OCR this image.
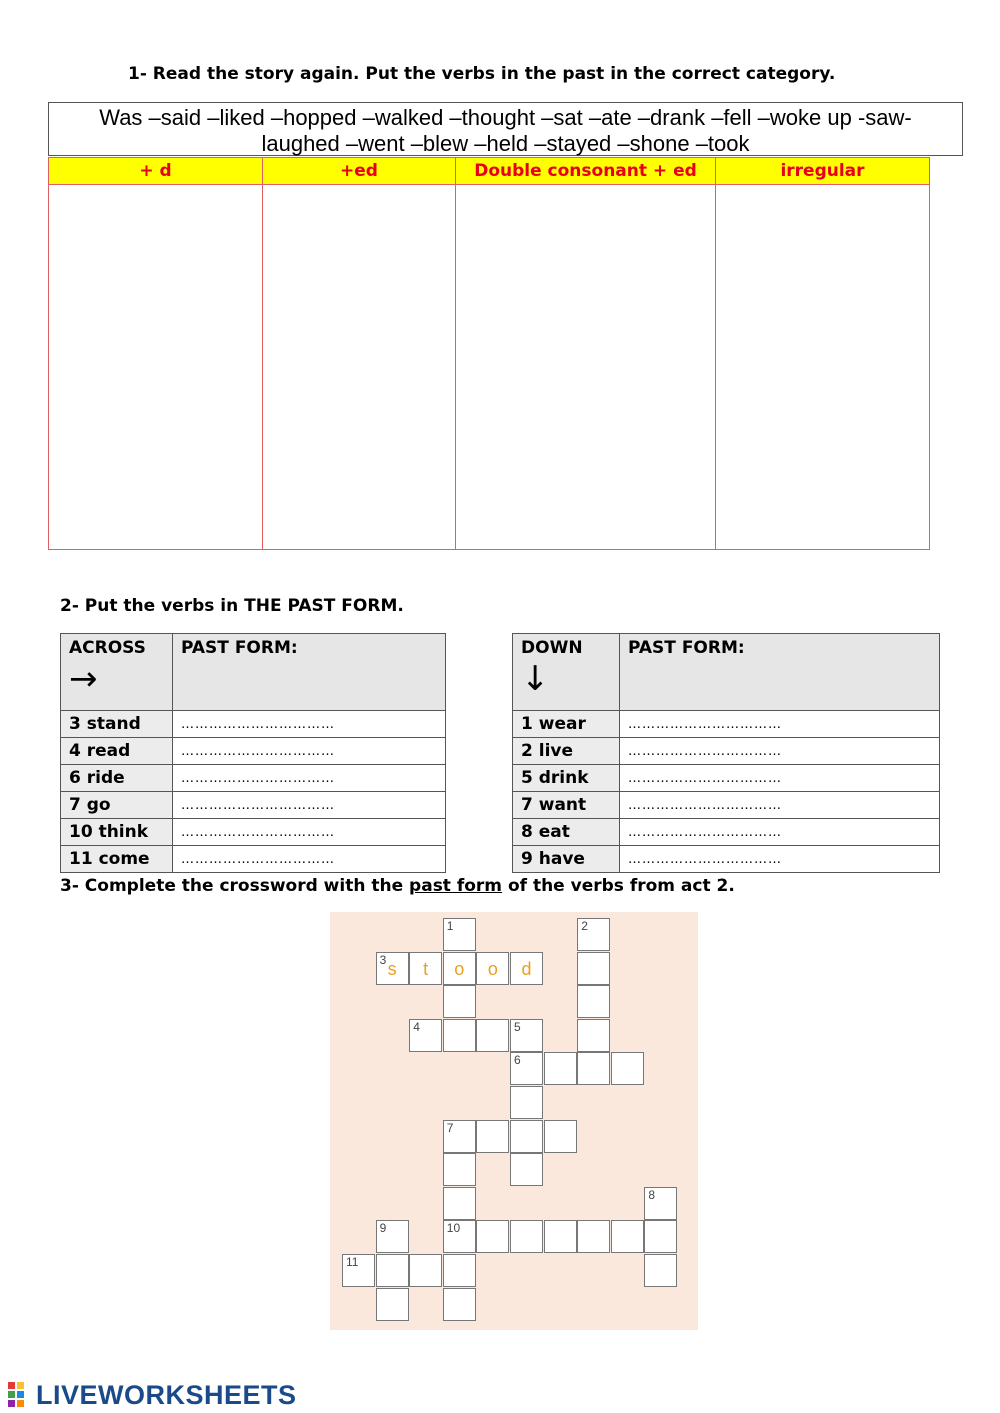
1- Read the story again. Put the verbs in the past in the correct category.
Was –said –liked –hopped –walked –thought –sat –ate –drank –fell –woke up -saw-
laughed –went –blew –held –stayed –shone –took
+ d	+ed	Double consonant + ed	irregular

2- Put the verbs in THE PAST FORM.
ACROSS
→	PAST FORM:
3 stand	……………………………
4 read	……………………………
6 ride	……………………………
7 go	……………………………
10 think	……………………………
11 come	……………………………
DOWN
↓	PAST FORM:
1 wear	……………………………
2 live	……………………………
5 drink	……………………………
7 want	……………………………
8 eat	……………………………
9 have	……………………………
3- Complete the crossword with the past form of the verbs from act 2.
1
o
2
3 s	t	o	d
4	5
6
7
10
8
9
11
LIVEWORKSHEETS
